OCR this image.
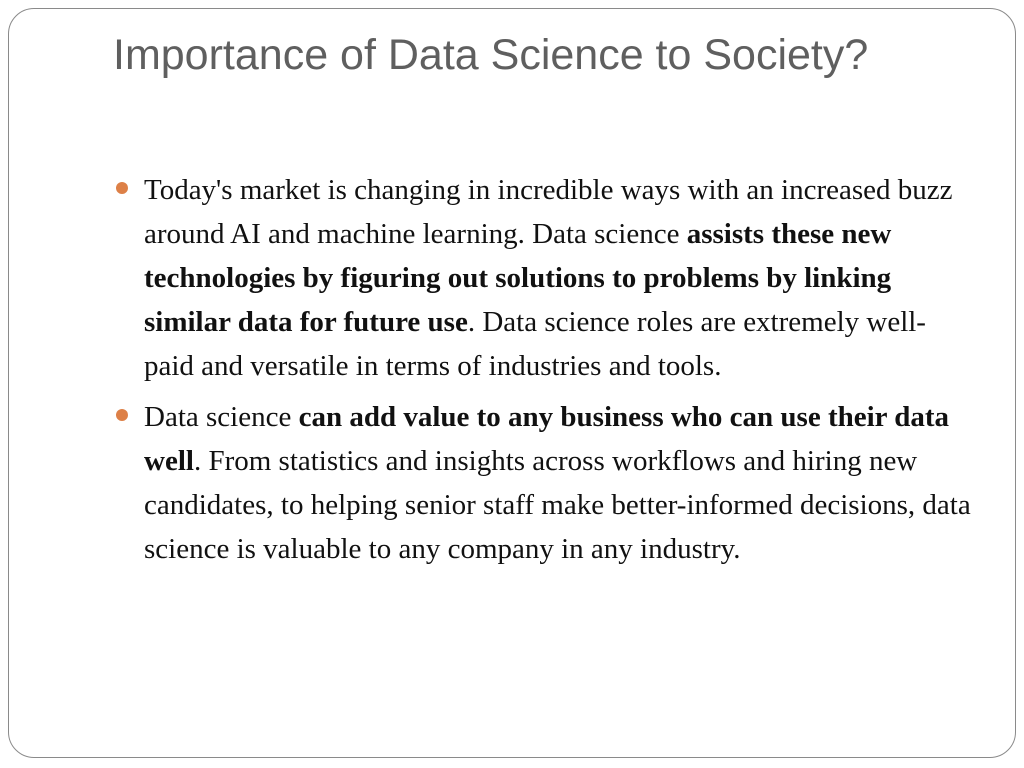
Importance of Data Science to Society?
Today's market is changing in incredible ways with an increased buzz around AI and machine learning. Data science assists these new technologies by figuring out solutions to problems by linking similar data for future use. Data science roles are extremely well-paid and versatile in terms of industries and tools.
Data science can add value to any business who can use their data well. From statistics and insights across workflows and hiring new candidates, to helping senior staff make better-informed decisions, data science is valuable to any company in any industry.
